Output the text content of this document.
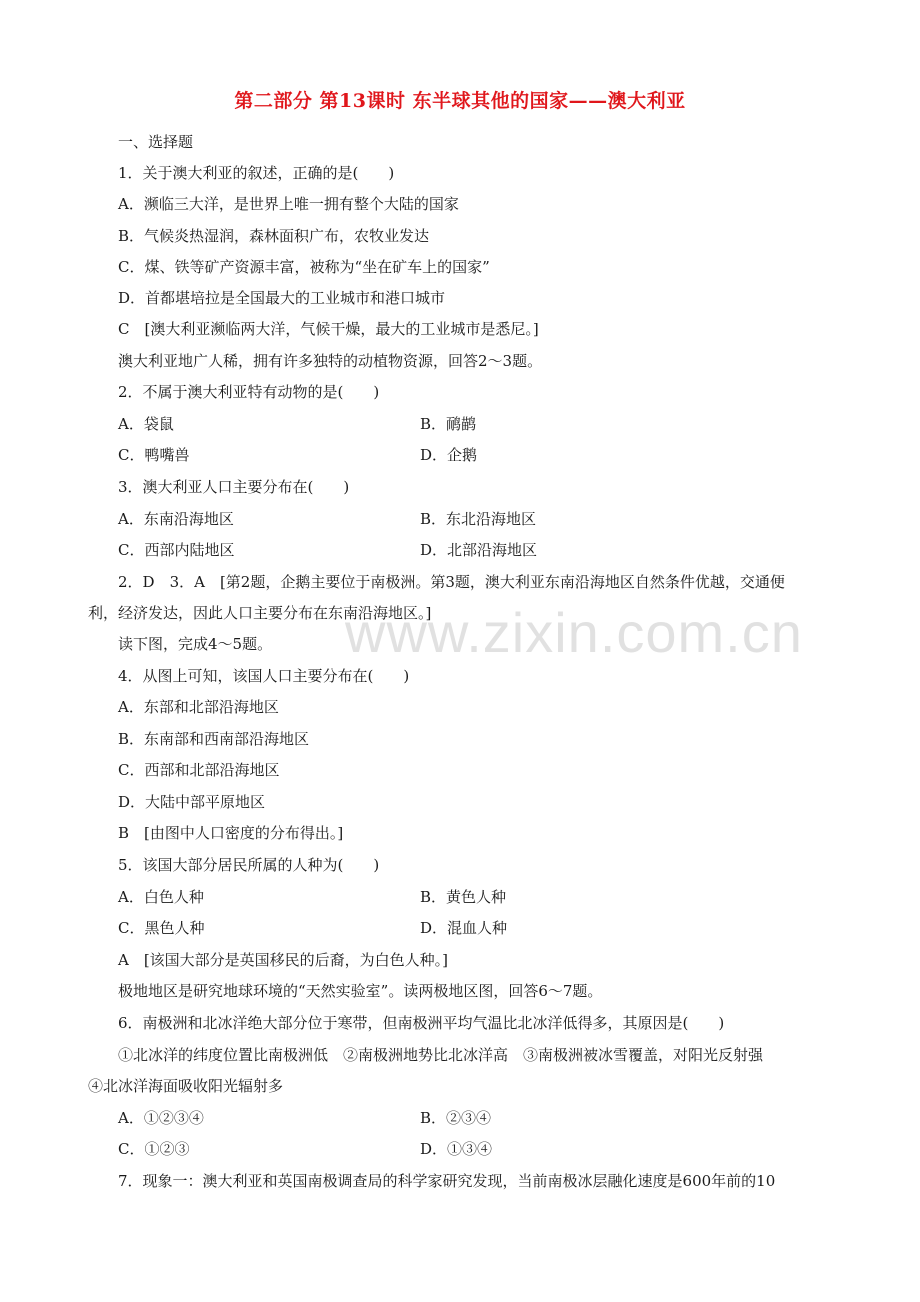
第二部分 第13课时 东半球其他的国家——澳大利亚
一、选择题
1．关于澳大利亚的叙述，正确的是(　　)
A．濒临三大洋，是世界上唯一拥有整个大陆的国家
B．气候炎热湿润，森林面积广布，农牧业发达
C．煤、铁等矿产资源丰富，被称为“坐在矿车上的国家”
D．首都堪培拉是全国最大的工业城市和港口城市
C　[澳大利亚濒临两大洋，气候干燥，最大的工业城市是悉尼。]
澳大利亚地广人稀，拥有许多独特的动植物资源，回答2～3题。
2．不属于澳大利亚特有动物的是(　　)
A．袋鼠	B．鸸鹋
C．鸭嘴兽	D．企鹅
3．澳大利亚人口主要分布在(　　)
A．东南沿海地区	B．东北沿海地区
C．西部内陆地区	D．北部沿海地区
2．D　3．A　[第2题，企鹅主要位于南极洲。第3题，澳大利亚东南沿海地区自然条件优越，交通便
利，经济发达，因此人口主要分布在东南沿海地区。]
读下图，完成4～5题。
4．从图上可知，该国人口主要分布在(　　)
A．东部和北部沿海地区
B．东南部和西南部沿海地区
C．西部和北部沿海地区
D．大陆中部平原地区
B　[由图中人口密度的分布得出。]
5．该国大部分居民所属的人种为(　　)
A．白色人种	B．黄色人种
C．黑色人种	D．混血人种
A　[该国大部分是英国移民的后裔，为白色人种。]
极地地区是研究地球环境的“天然实验室”。读两极地区图，回答6～7题。
6．南极洲和北冰洋绝大部分位于寒带，但南极洲平均气温比北冰洋低得多，其原因是(　　)
①北冰洋的纬度位置比南极洲低　②南极洲地势比北冰洋高　③南极洲被冰雪覆盖，对阳光反射强
④北冰洋海面吸收阳光辐射多
A．①②③④	B．②③④
C．①②③	D．①③④
7．现象一：澳大利亚和英国南极调查局的科学家研究发现，当前南极冰层融化速度是600年前的10
www.zixin.com.cn
